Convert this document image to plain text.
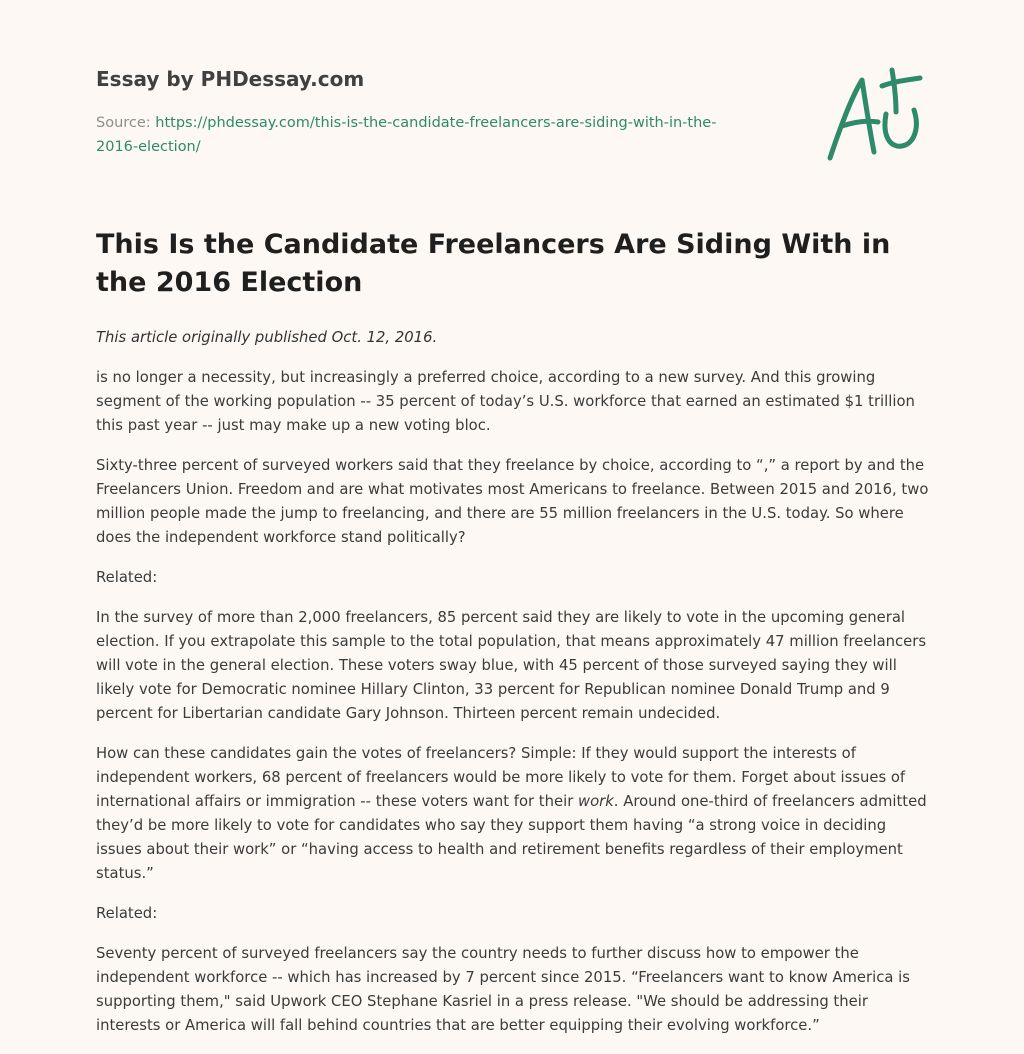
Essay by PHDessay.com
Source: https://phdessay.com/this-is-the-candidate-freelancers-are-siding-with-in-the-
2016-election/
This Is the Candidate Freelancers Are Siding With in the 2016 Election

This article originally published Oct. 12, 2016.

is no longer a necessity, but increasingly a preferred choice, according to a new survey. And this growing segment of the working population -- 35 percent of today’s U.S. workforce that earned an estimated $1 trillion this past year -- just may make up a new voting bloc.

Sixty-three percent of surveyed workers said that they freelance by choice, according to “,” a report by and the Freelancers Union. Freedom and are what motivates most Americans to freelance. Between 2015 and 2016, two million people made the jump to freelancing, and there are 55 million freelancers in the U.S. today. So where does the independent workforce stand politically?

Related:

In the survey of more than 2,000 freelancers, 85 percent said they are likely to vote in the upcoming general election. If you extrapolate this sample to the total population, that means approximately 47 million freelancers will vote in the general election. These voters sway blue, with 45 percent of those surveyed saying they will likely vote for Democratic nominee Hillary Clinton, 33 percent for Republican nominee Donald Trump and 9 percent for Libertarian candidate Gary Johnson. Thirteen percent remain undecided.

How can these candidates gain the votes of freelancers? Simple: If they would support the interests of independent workers, 68 percent of freelancers would be more likely to vote for them. Forget about issues of international affairs or immigration -- these voters want for their work. Around one-third of freelancers admitted they’d be more likely to vote for candidates who say they support them having “a strong voice in deciding issues about their work” or “having access to health and retirement benefits regardless of their employment status.”

Related:

Seventy percent of surveyed freelancers say the country needs to further discuss how to empower the independent workforce -- which has increased by 7 percent since 2015. “Freelancers want to know America is supporting them," said Upwork CEO Stephane Kasriel in a press release. "We should be addressing their interests or America will fall behind countries that are better equipping their evolving workforce.”
